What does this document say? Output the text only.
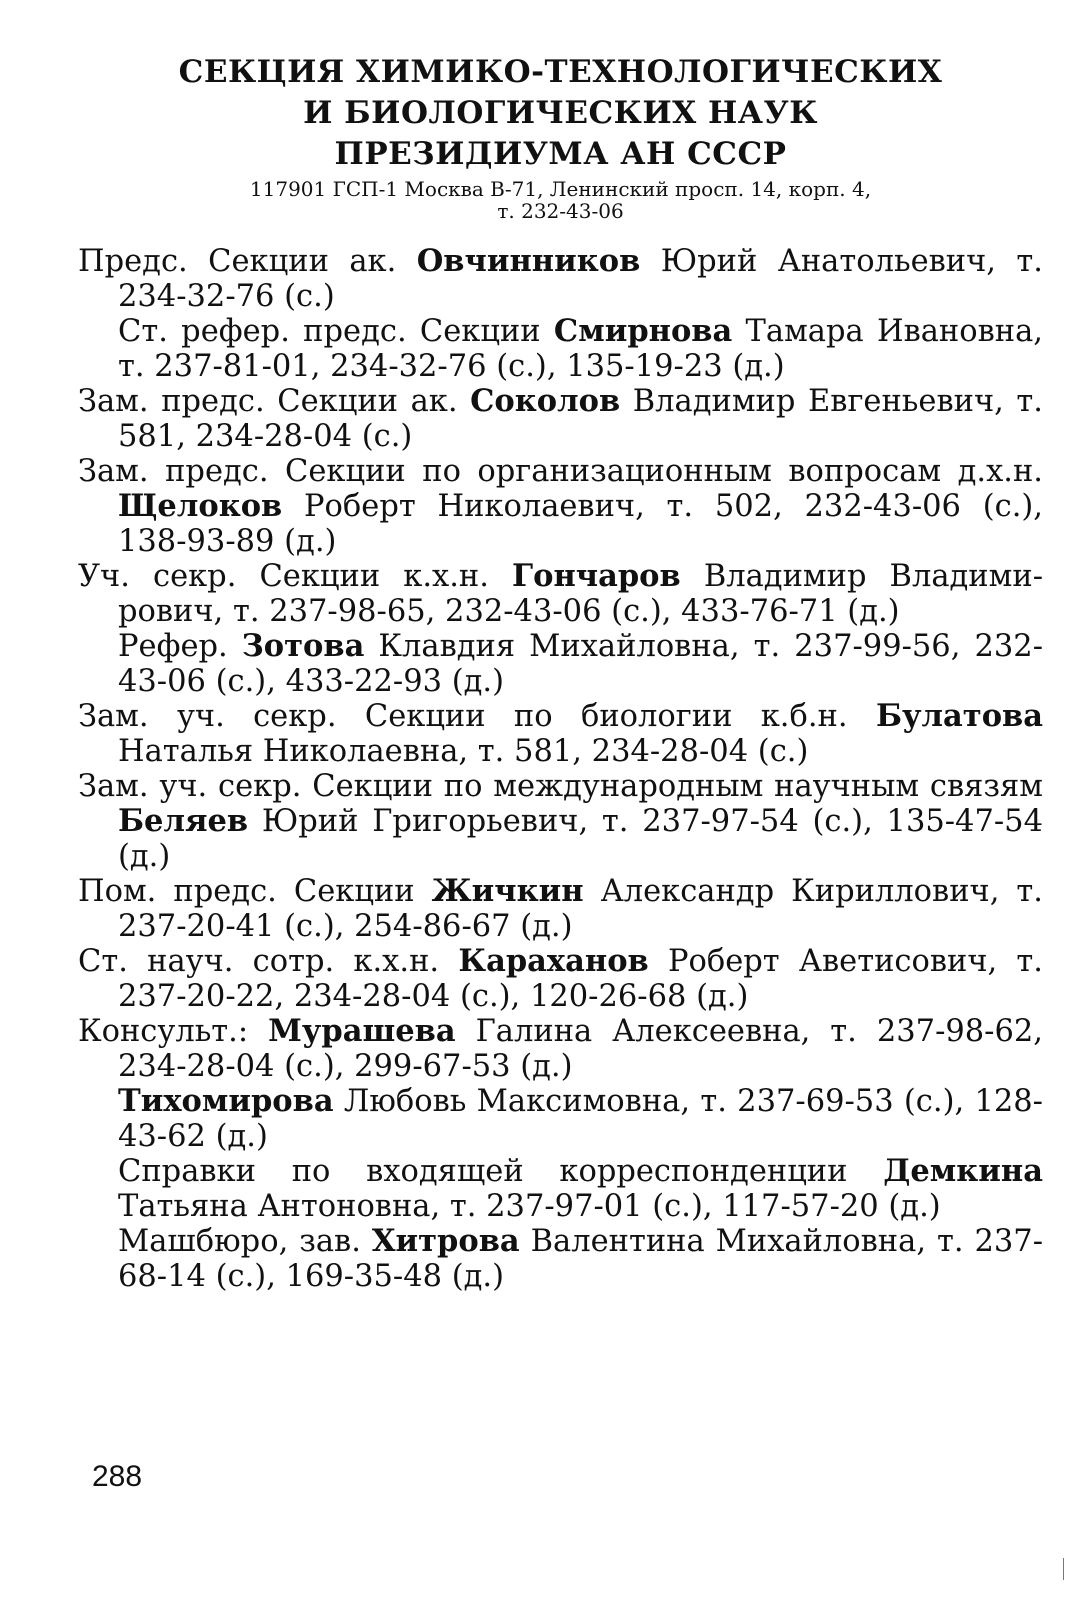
СЕКЦИЯ ХИМИКО-ТЕХНОЛОГИЧЕСКИХ
И БИОЛОГИЧЕСКИХ НАУК
ПРЕЗИДИУМА АН СССР
117901 ГСП-1 Москва В-71, Ленинский просп. 14, корп. 4,
т. 232-43-06
Предс. Секции ак. Овчинников Юрий Анатольевич, т. 234-32-76 (с.)
Ст. рефер. предс. Секции Смирнова Тамара Ивановна, т. 237-81-01, 234-32-76 (с.), 135-19-23 (д.)
Зам. предс. Секции ак. Соколов Владимир Евгеньевич, т. 581, 234-28-04 (с.)
Зам. предс. Секции по организационным вопросам д.х.н. Щелоков Роберт Николаевич, т. 502, 232-43-06 (с.), 138-93-89 (д.)
Уч. секр. Секции к.х.н. Гончаров Владимир Владимирович, т. 237-98-65, 232-43-06 (с.), 433-76-71 (д.)
Рефер. Зотова Клавдия Михайловна, т. 237-99-56, 232-43-06 (с.), 433-22-93 (д.)
Зам. уч. секр. Секции по биологии к.б.н. Булатова Наталья Николаевна, т. 581, 234-28-04 (с.)
Зам. уч. секр. Секции по международным научным связям Беляев Юрий Григорьевич, т. 237-97-54 (с.), 135-47-54 (д.)
Пом. предс. Секции Жичкин Александр Кириллович, т. 237-20-41 (с.), 254-86-67 (д.)
Ст. науч. сотр. к.х.н. Караханов Роберт Аветисович, т. 237-20-22, 234-28-04 (с.), 120-26-68 (д.)
Консульт.: Мурашева Галина Алексеевна, т. 237-98-62, 234-28-04 (с.), 299-67-53 (д.)
Тихомирова Любовь Максимовна, т. 237-69-53 (с.), 128-43-62 (д.)
Справки по входящей корреспонденции Демкина Татьяна Антоновна, т. 237-97-01 (с.), 117-57-20 (д.)
Машбюро, зав. Хитрова Валентина Михайловна, т. 237-68-14 (с.), 169-35-48 (д.)
288
